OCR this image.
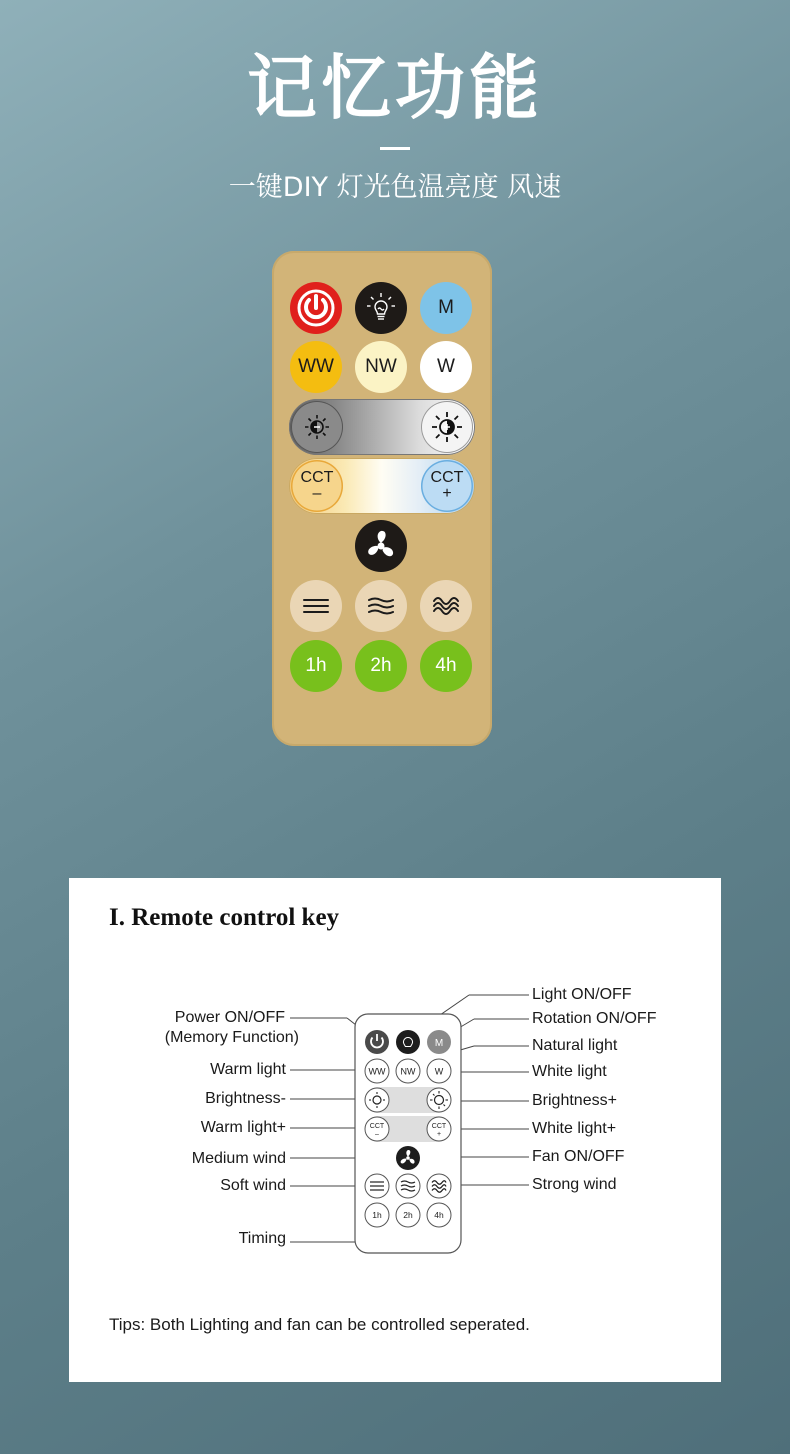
记忆功能
一键DIY 灯光色温亮度 风速
M
WW NW W
CCT
–
CCT
+
1h 2h 4h
I. Remote control key
M
WW NW W
CCT
–
CCT
+
1h	2h	4h
Power ON/OFF
(Memory Function)
Warm light
Brightness-
Warm light+
Medium wind
Soft wind
Timing
Light ON/OFF
Rotation ON/OFF
Natural light
White light
Brightness+
White light+
Fan ON/OFF
Strong wind
Tips: Both Lighting and fan can be controlled seperated.
